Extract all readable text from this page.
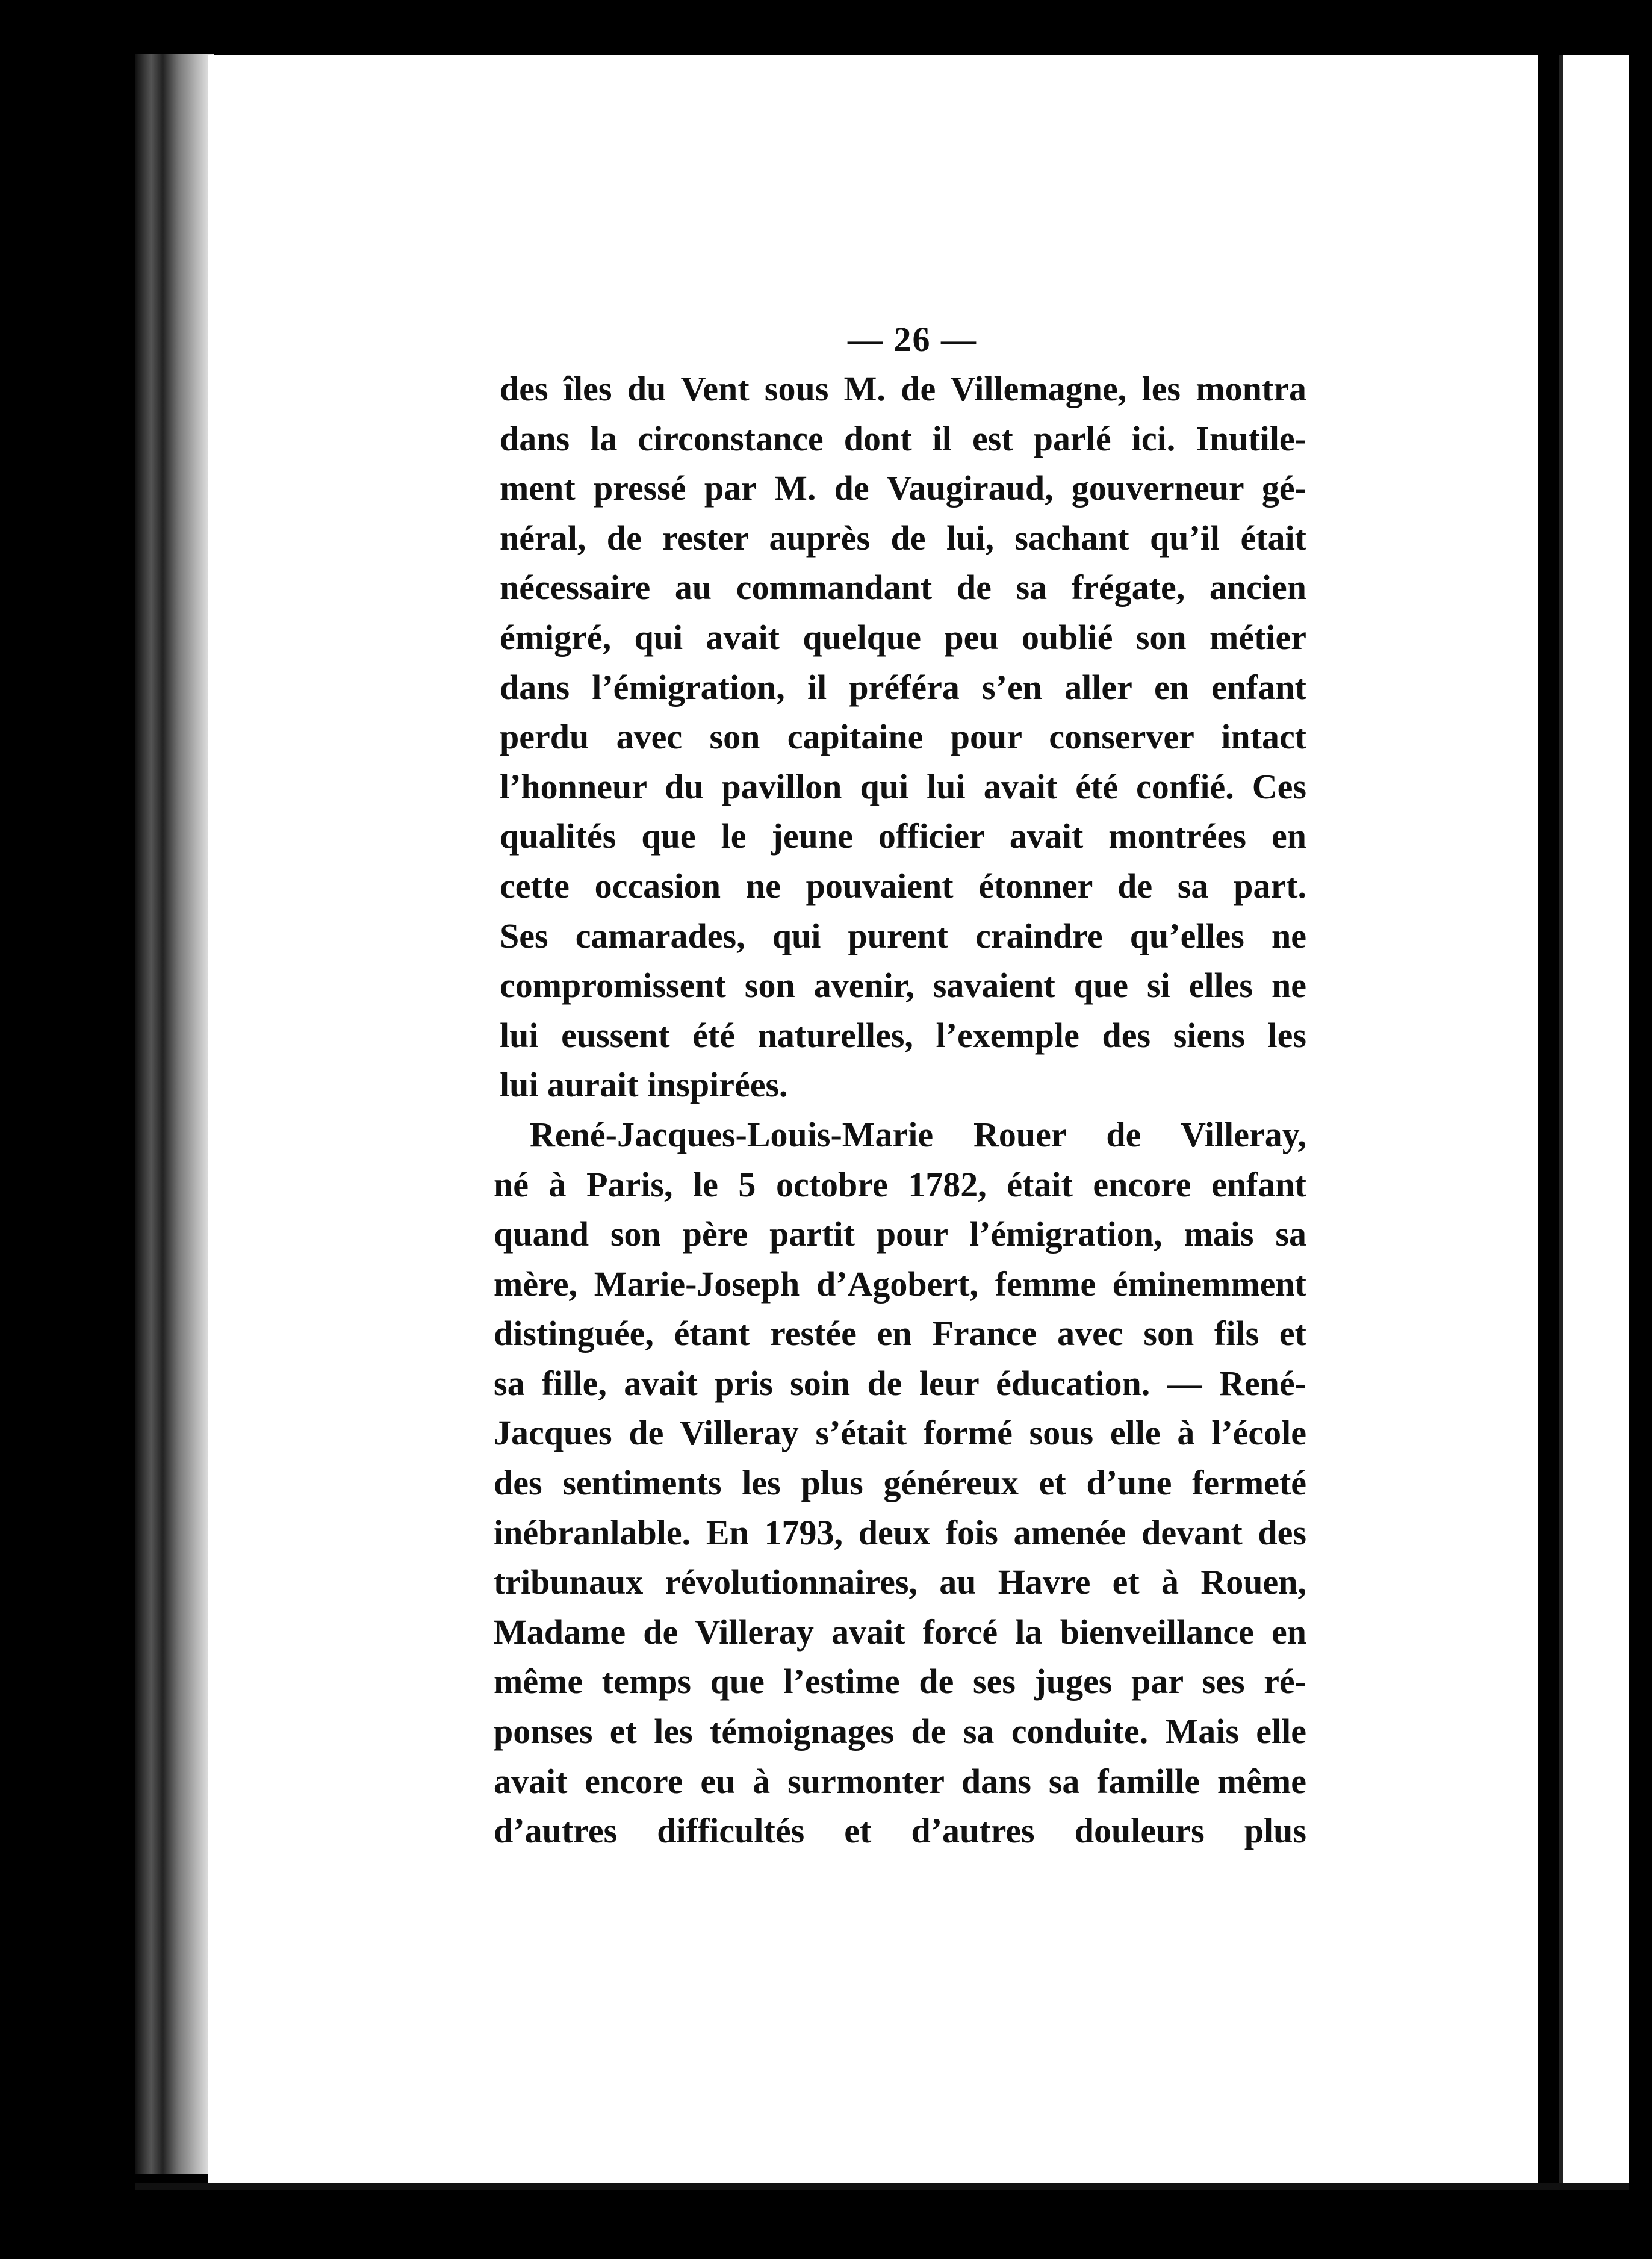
— 26 —
des îles du Vent sous M. de Villemagne, les montra
dans la circonstance dont il est parlé ici. Inutile-
ment pressé par M. de Vaugiraud, gouverneur gé-
néral, de rester auprès de lui, sachant qu’il était
nécessaire au commandant de sa frégate, ancien
émigré, qui avait quelque peu oublié son métier
dans l’émigration, il préféra s’en aller en enfant
perdu avec son capitaine pour conserver intact
l’honneur du pavillon qui lui avait été confié. Ces
qualités que le jeune officier avait montrées en
cette occasion ne pouvaient étonner de sa part.
Ses camarades, qui purent craindre qu’elles ne
compromissent son avenir, savaient que si elles ne
lui eussent été naturelles, l’exemple des siens les
lui aurait inspirées.
René-Jacques-Louis-Marie Rouer de Villeray,
né à Paris, le 5 octobre 1782, était encore enfant
quand son père partit pour l’émigration, mais sa
mère, Marie-Joseph d’Agobert, femme éminemment
distinguée, étant restée en France avec son fils et
sa fille, avait pris soin de leur éducation. — René-
Jacques de Villeray s’était formé sous elle à l’école
des sentiments les plus généreux et d’une fermeté
inébranlable. En 1793, deux fois amenée devant des
tribunaux révolutionnaires, au Havre et à Rouen,
Madame de Villeray avait forcé la bienveillance en
même temps que l’estime de ses juges par ses ré-
ponses et les témoignages de sa conduite. Mais elle
avait encore eu à surmonter dans sa famille même
d’autres difficultés et d’autres douleurs plus
